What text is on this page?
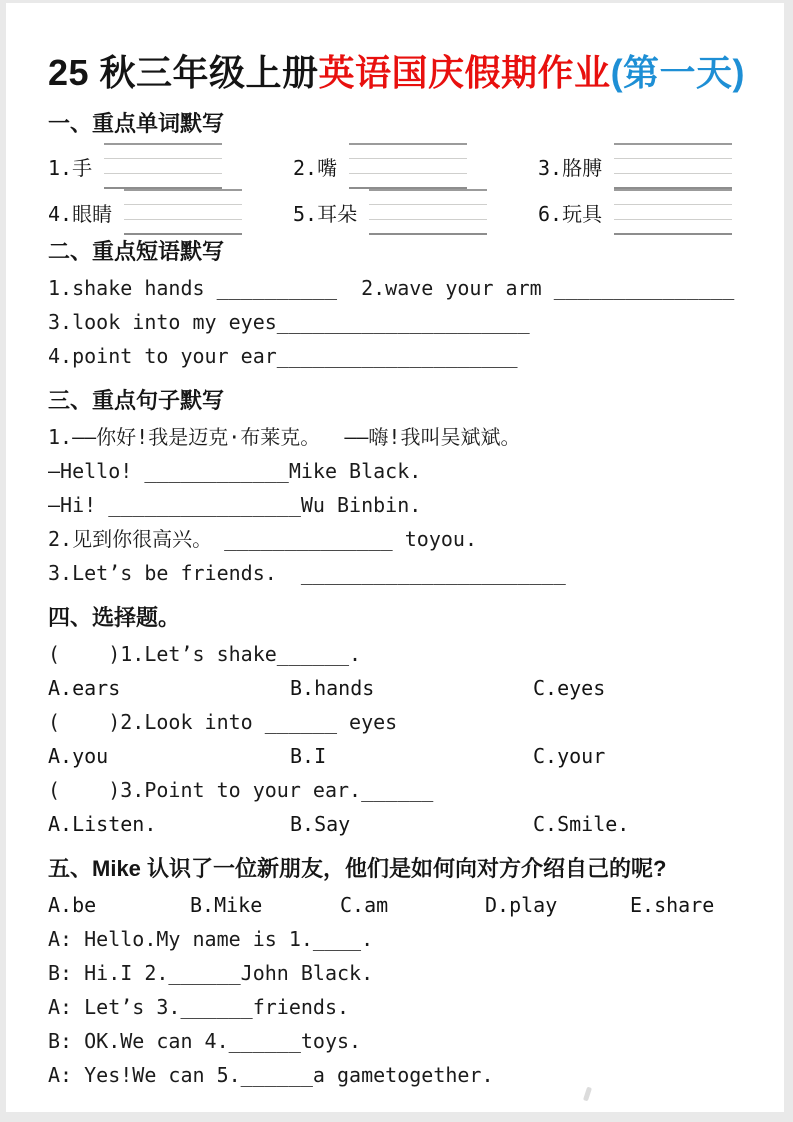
25 秋三年级上册英语国庆假期作业(第一天)
一、重点单词默写
1.手	2.嘴	3.胳膊
4.眼睛	5.耳朵	6.玩具
二、重点短语默写
1.shake hands __________  2.wave your arm _______________
3.look into my eyes_____________________
4.point to your ear____________________
三、重点句子默写
1.——你好!我是迈克·布莱克。  ——嗨!我叫吴斌斌。
—Hello! ____________Mike Black.
—Hi! ________________Wu Binbin.
2.见到你很高兴。 ______________ toyou.
3.Let’s be friends.  ______________________
四、选择题。
(    )1.Let’s shake______.
A.ears	B.hands	C.eyes
(    )2.Look into ______ eyes
A.you	B.I	C.your
(    )3.Point to your ear.______
A.Listen.	B.Say	C.Smile.
五、Mike 认识了一位新朋友，他们是如何向对方介绍自己的呢?
A.be	B.Mike	C.am	D.play	E.share
A: Hello.My name is 1.____.
B: Hi.I 2.______John Black.
A: Let’s 3.______friends.
B: OK.We can 4.______toys.
A: Yes!We can 5.______a gametogether.
